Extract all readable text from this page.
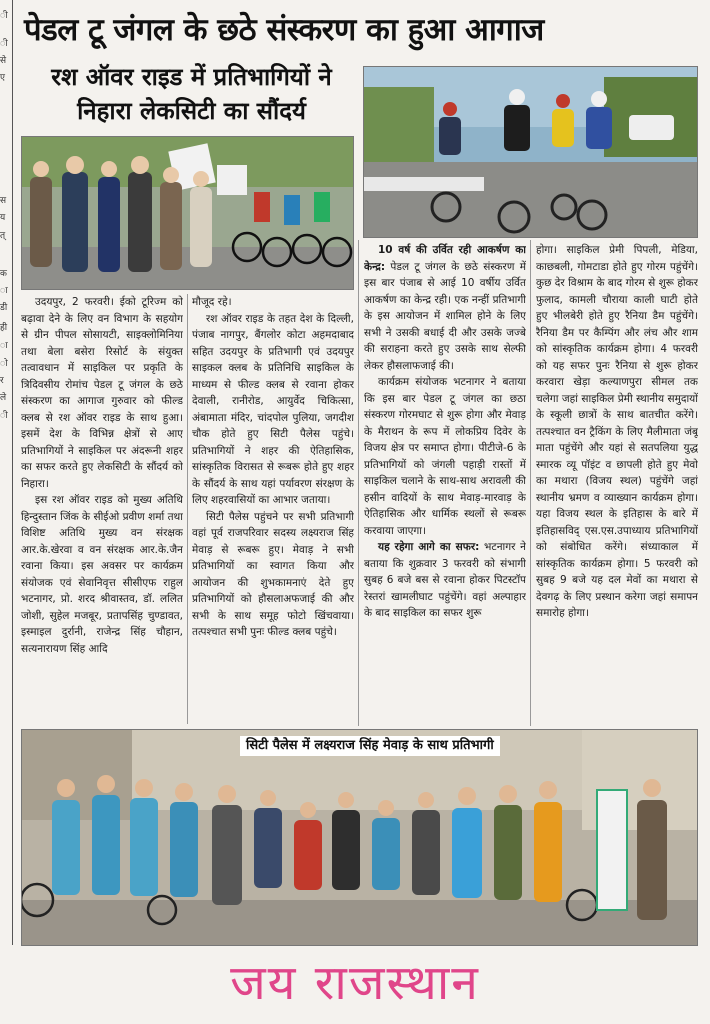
ी
ी
से
ए
स
य
त्
क
ा
डी
ही
ा
ो
र
ले
ी
पेडल टू जंगल के छठे संस्करण का हुआ आगाज
रश ऑवर राइड में प्रतिभागियों ने निहारा लेकसिटी का सौंदर्य

उदयपुर, 2 फरवरी। ईको टूरिज्म को बढ़ावा देने के लिए वन विभाग के सहयोग से ग्रीन पीपल सोसायटी, साइक्लोमिनिया तथा बेला बसेरा रिसोर्ट के संयुक्त तत्वावधान में साइकिल पर प्रकृति के त्रिदिवसीय रोमांच पेडल टू जंगल के छठे संस्करण का आगाज गुरुवार को फील्ड क्लब से रश ऑवर राइड के साथ हुआ। इसमें देश के विभिन्न क्षेत्रों से आए प्रतिभागियों ने साइकिल पर अंदरूनी शहर का सफर करते हुए लेकसिटी के सौंदर्य को निहारा।

इस रश ऑवर राइड को मुख्य अतिथि हिन्दुस्तान जिंक के सीईओ प्रवीण शर्मा तथा विशिष्ट अतिथि मुख्य वन संरक्षक आर.के.खेरवा व वन संरक्षक आर.के.जैन रवाना किया। इस अवसर पर कार्यक्रम संयोजक एवं सेवानिवृत्त सीसीएफ राहुल भटनागर, प्रो. शरद श्रीवास्तव, डॉ. ललित जोशी, सुहेल मजबूर, प्रतापसिंह चुण्डावत, इस्माइल दुर्रानी, राजेन्द्र सिंह चौहान, सत्यनारायण सिंह आदि

मौजूद रहे।

रश ऑवर राइड के तहत देश के दिल्ली, पंजाब नागपुर, बैंगलोर कोटा अहमदाबाद सहित उदयपुर के प्रतिभागी एवं उदयपुर साइकल क्लब के प्रतिनिधि साइकिल के माध्यम से फील्ड क्लब से रवाना होकर देवाली, रानीरोड, आयुर्वेद चिकित्सा, अंबामाता मंदिर, चांदपोल पुलिया, जगदीश चौक होते हुए सिटी पैलेस पहुंचे। प्रतिभागियों ने शहर की ऐतिहासिक, सांस्कृतिक विरासत से रूबरू होते हुए शहर के सौंदर्य के साथ यहां पर्यावरण संरक्षण के लिए शहरवासियों का आभार जताया।

सिटी पैलेस पहुंचने पर सभी प्रतिभागी वहां पूर्व राजपरिवार सदस्य लक्ष्यराज सिंह मेवाड़ से रूबरू हुए। मेवाड़ ने सभी प्रतिभागियों का स्वागत किया और आयोजन की शुभकामनाएं देते हुए प्रतिभागियों को हौसलाअफजाई की और सभी के साथ समूह फोटो खिंचवाया। तत्पश्चात सभी पुनः फील्ड क्लब पहुंचे।

10 वर्ष की उर्वित रही आकर्षण का केन्द्र: पेडल टू जंगल के छठे संस्करण में इस बार पंजाब से आई 10 वर्षीय उर्वित आकर्षण का केन्द्र रही। एक नन्हीं प्रतिभागी के इस आयोजन में शामिल होने के लिए सभी ने उसकी बधाई दी और उसके जज्बे की सराहना करते हुए उसके साथ सेल्फी लेकर हौसलाफजाई की।

कार्यक्रम संयोजक भटनागर ने बताया कि इस बार पेडल टू जंगल का छठा संस्करण गोरमघाट से शुरू होगा और मेवाड़ के मैराथन के रूप में लोकप्रिय दिवेर के विजय क्षेत्र पर समाप्त होगा। पीटीजे-6 के प्रतिभागियों को जंगली पहाड़ी रास्तों में साइकिल चलाने के साथ-साथ अरावली की हसीन वादियों के साथ मेवाड़-मारवाड़ के ऐतिहासिक और धार्मिक स्थलों से रूबरू करवाया जाएगा।

यह रहेगा आगे का सफर: भटनागर ने बताया कि शुक्रवार 3 फरवरी को संभागी सुबह 6 बजे बस से रवाना होकर पिटस्टॉप रेस्तरां खामलीघाट पहुंचेंगे। वहां अल्पाहार के बाद साइकिल का सफर शुरू

होगा। साइकिल प्रेमी पिपली, मेडिया, काछबली, गोमटाडा होते हुए गोरम पहुंचेंगे। कुछ देर विश्राम के बाद गोरम से शुरू होकर फुलाद, कामली चौराया काली घाटी होते हुए भीलबेरी होते हुए रैनिया डैम पहुंचेंगे। रैनिया डैम पर कैम्पिंग और लंच और शाम को सांस्कृतिक कार्यक्रम होगा। 4 फरवरी को यह सफर पुनः रैनिया से शुरू होकर करवारा खेड़ा कल्याणपुरा सीमल तक चलेगा जहां साइकिल प्रेमी स्थानीय समुदायों के स्कूली छात्रों के साथ बातचीत करेंगे। तत्पश्चात वन ट्रैकिंग के लिए मैलीमाता जंबू माता पहुंचेंगे और यहां से सतपलिया युद्ध स्मारक व्यू पॉइंट व छापली होते हुए मेवो का मथारा (विजय स्थल) पहुंचेंगे जहां स्थानीय भ्रमण व व्याख्यान कार्यक्रम होगा। यहा विजय स्थल के इतिहास के बारे में इतिहासविद् एस.एस.उपाध्याय प्रतिभागियों को संबोधित करेंगे। संध्याकाल में सांस्कृतिक कार्यक्रम होगा। 5 फरवरी को सुबह 9 बजे यह दल मेवों का मथारा से देवगढ़ के लिए प्रस्थान करेगा जहां समापन समारोह होगा।

सिटी पैलेस में लक्ष्यराज सिंह मेवाड़ के साथ प्रतिभागी
जय राजस्थान
